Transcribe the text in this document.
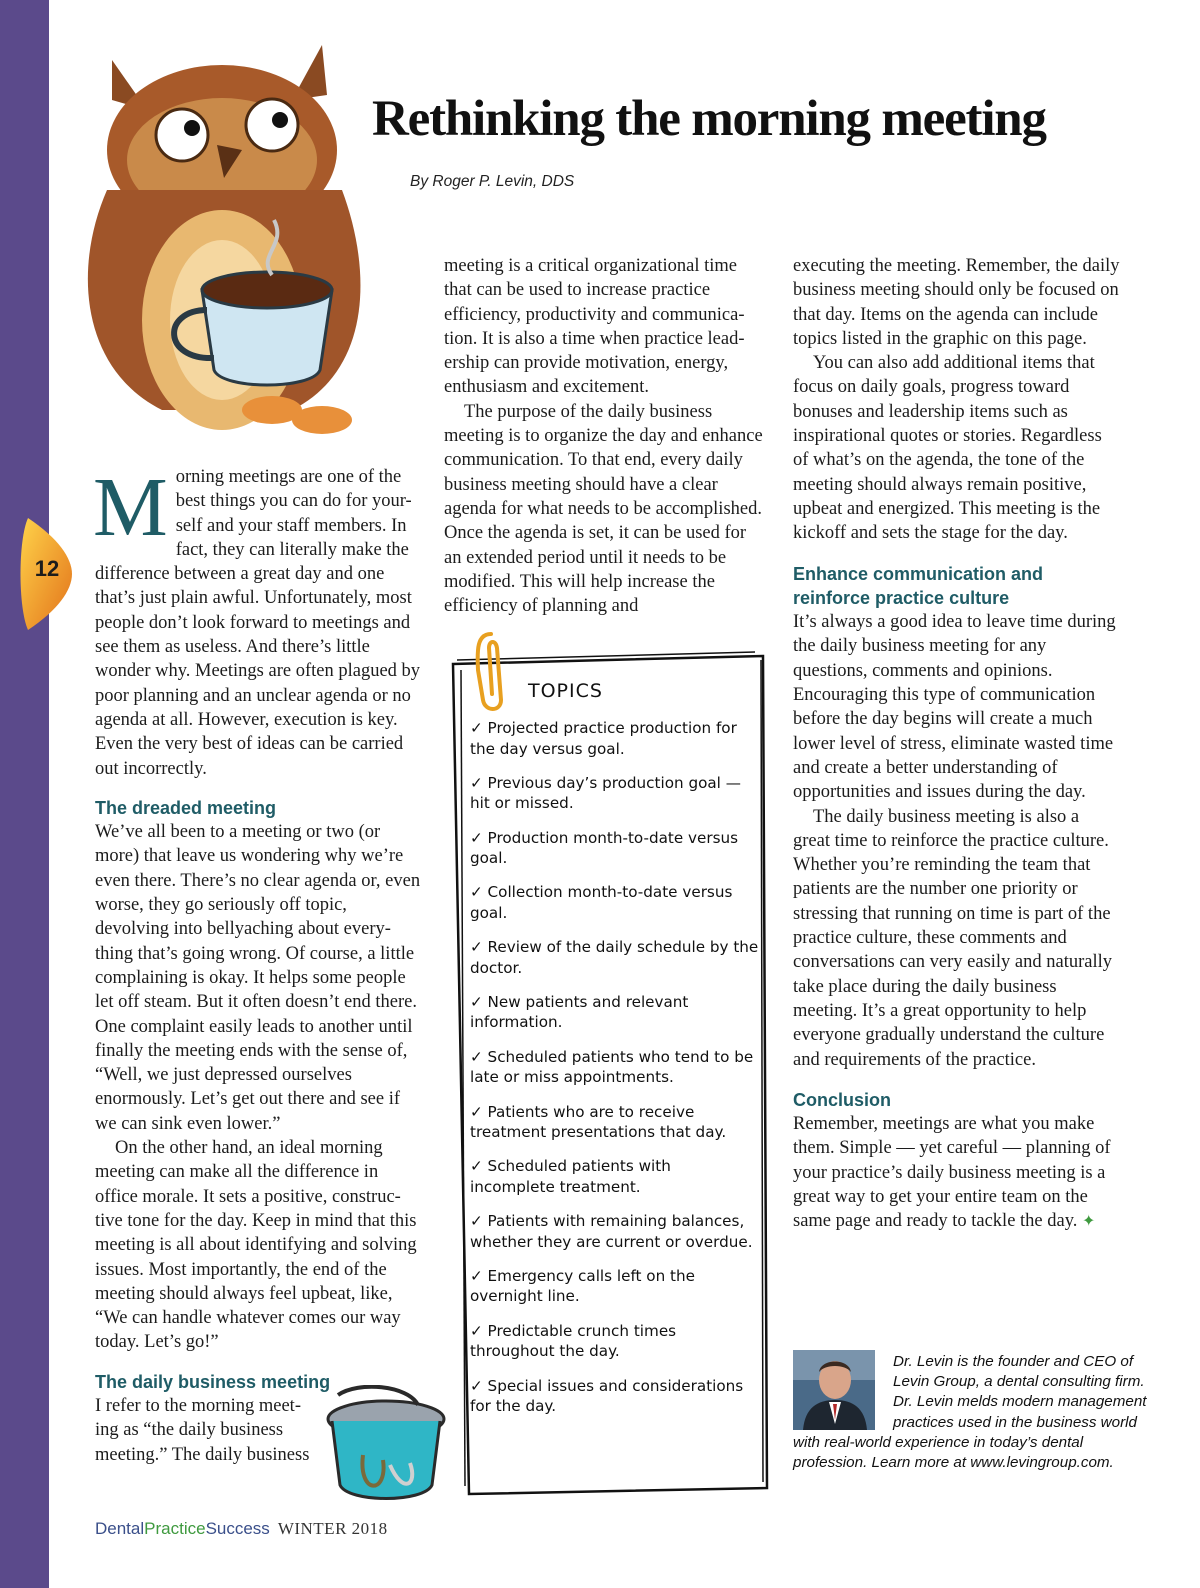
12
Rethinking the morning meeting
By Roger P. Levin, DDS

Morning meetings are one of the best things you can do for your-self and your staff members. In fact, they can literally make the difference between a great day and one that’s just plain awful. Unfortunately, most people don’t look forward to meetings and see them as useless. And there’s little wonder why. Meetings are often plagued by poor planning and an unclear agenda or no agenda at all. However, execution is key. Even the very best of ideas can be carried out incorrectly.

The dreaded meeting

We’ve all been to a meeting or two (or more) that leave us wondering why we’re even there. There’s no clear agenda or, even worse, they go seriously off topic, devolving into bellyaching about every-thing that’s going wrong. Of course, a little complaining is okay. It helps some people let off steam. But it often doesn’t end there. One complaint easily leads to another until finally the meeting ends with the sense of, “Well, we just depressed ourselves enormously. Let’s get out there and see if we can sink even lower.”

On the other hand, an ideal morning meeting can make all the difference in office morale. It sets a positive, construc-tive tone for the day. Keep in mind that this meeting is all about identifying and solving issues. Most importantly, the end of the meeting should always feel upbeat, like, “We can handle whatever comes our way today. Let’s go!”

The daily business meeting

I refer to the morning meet-ing as “the daily business meeting.” The daily business

meeting is a critical organizational time that can be used to increase practice efficiency, productivity and communica-tion. It is also a time when practice lead-ership can provide motivation, energy, enthusiasm and excitement.

The purpose of the daily business meeting is to organize the day and enhance communication. To that end, every daily business meeting should have a clear agenda for what needs to be accomplished. Once the agenda is set, it can be used for an extended period until it needs to be modified. This will help increase the efficiency of planning and

TOPICS
✓ Projected practice production for the day versus goal.
✓ Previous day’s production goal — hit or missed.
✓ Production month-to-date versus goal.
✓ Collection month-to-date versus goal.
✓ Review of the daily schedule by the doctor.
✓ New patients and relevant information.
✓ Scheduled patients who tend to be late or miss appointments.
✓ Patients who are to receive treatment presentations that day.
✓ Scheduled patients with incomplete treatment.
✓ Patients with remaining balances, whether they are current or overdue.
✓ Emergency calls left on the overnight line.
✓ Predictable crunch times throughout the day.
✓ Special issues and considerations for the day.

executing the meeting. Remember, the daily business meeting should only be focused on that day. Items on the agenda can include topics listed in the graphic on this page.

You can also add additional items that focus on daily goals, progress toward bonuses and leadership items such as inspirational quotes or stories. Regardless of what’s on the agenda, the tone of the meeting should always remain positive, upbeat and energized. This meeting is the kickoff and sets the stage for the day.

Enhance communication and reinforce practice culture

It’s always a good idea to leave time during the daily business meeting for any questions, comments and opinions. Encouraging this type of communication before the day begins will create a much lower level of stress, eliminate wasted time and create a better understanding of opportunities and issues during the day.

The daily business meeting is also a great time to reinforce the practice culture. Whether you’re reminding the team that patients are the number one priority or stressing that running on time is part of the practice culture, these comments and conversations can very easily and naturally take place during the daily business meeting. It’s a great opportunity to help everyone gradually understand the culture and requirements of the practice.

Conclusion

Remember, meetings are what you make them. Simple — yet careful — planning of your practice’s daily business meeting is a great way to get your entire team on the same page and ready to tackle the day. ✦

Dr. Levin is the founder and CEO of Levin Group, a dental consulting firm. Dr. Levin melds modern management practices used in the business world with real-world experience in today’s dental profession. Learn more at www.levingroup.com.
DentalPracticeSuccess WINTER 2018
